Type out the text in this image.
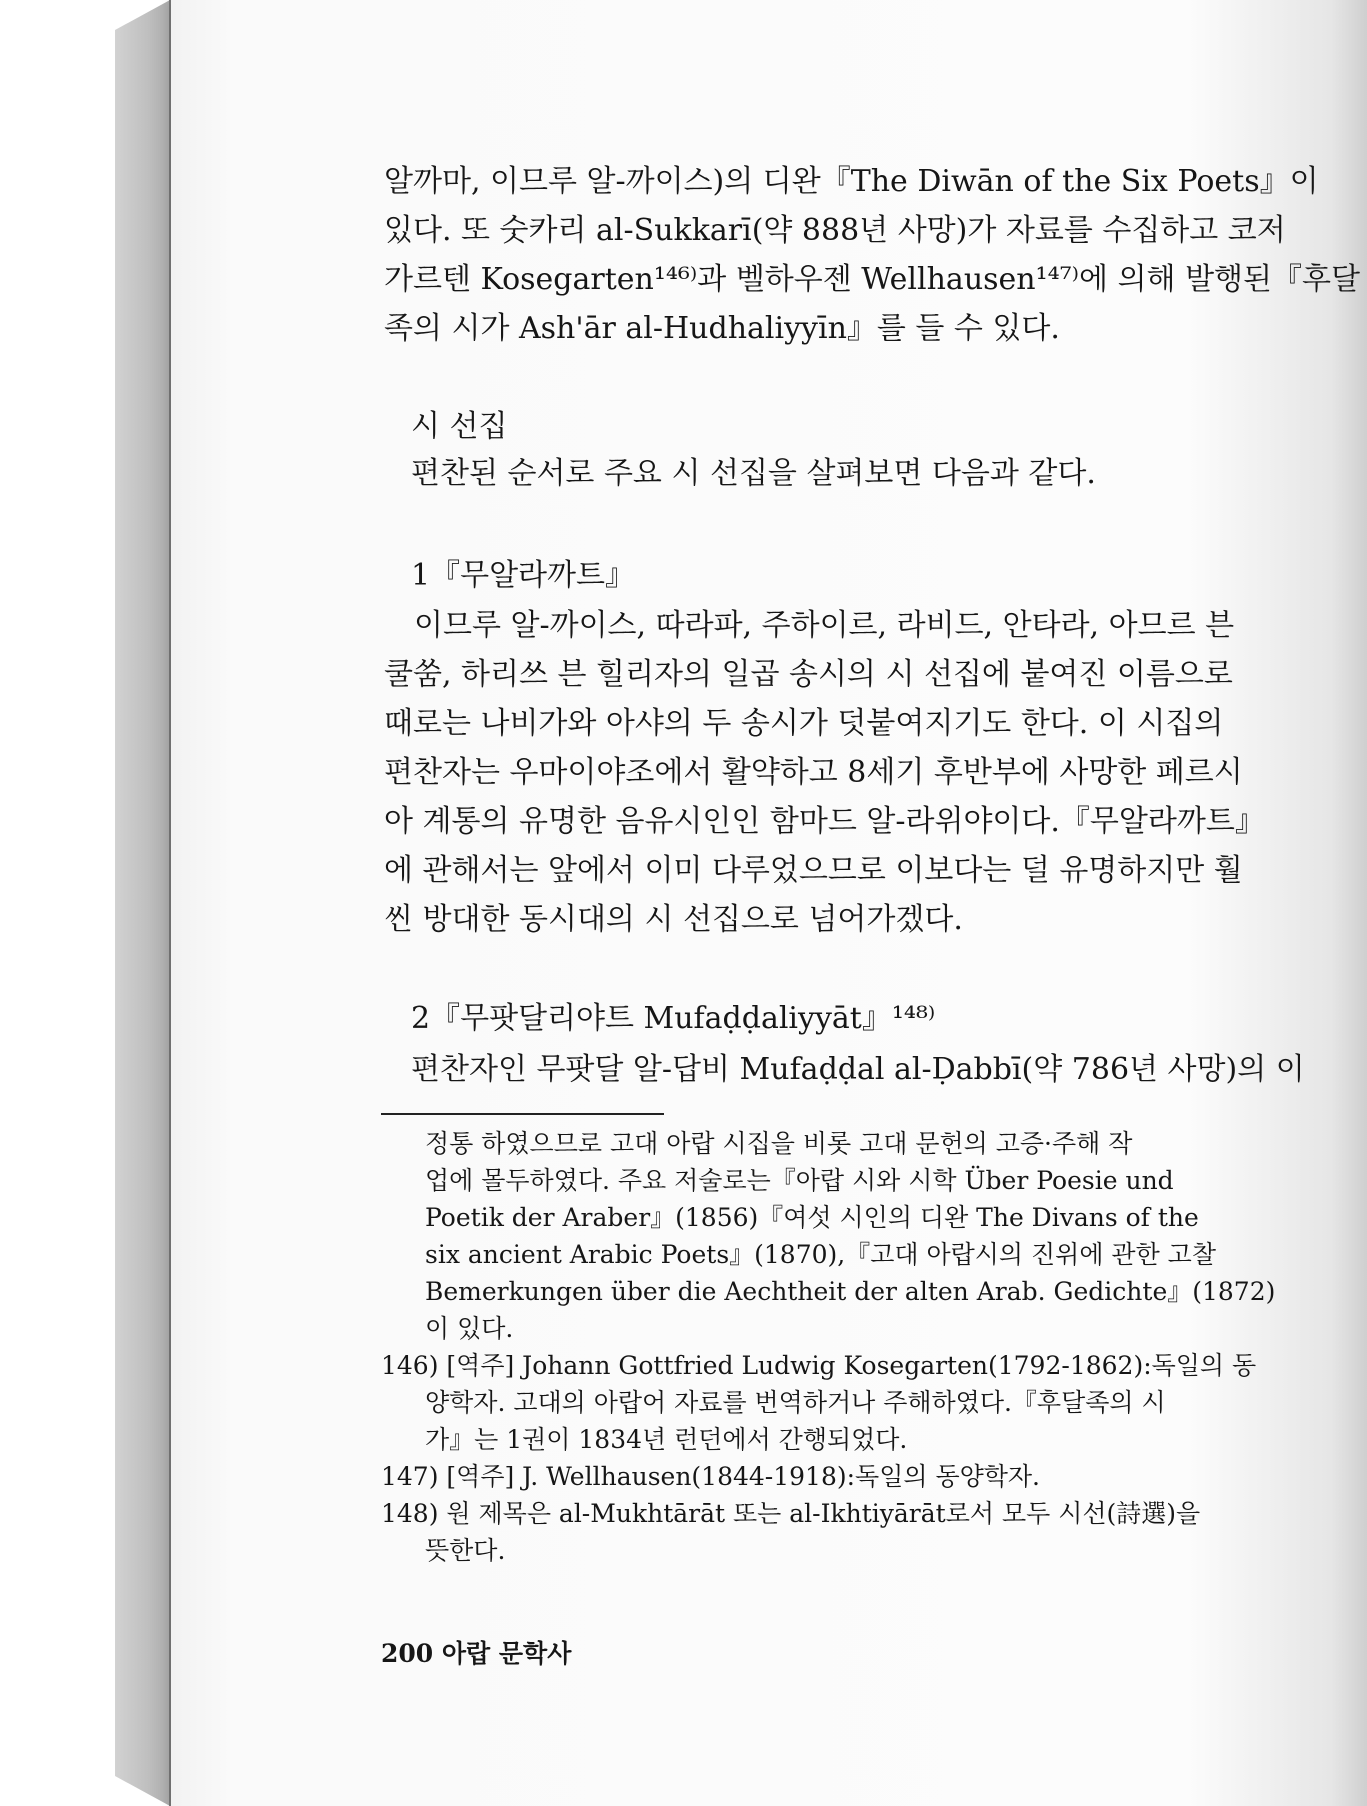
알까마, 이므루 알-까이스)의 디완『The Diwān of the Six Poets』이
있다. 또 숫카리 al-Sukkarī(약 888년 사망)가 자료를 수집하고 코저
가르텐 Kosegarten¹⁴⁶⁾과 벨하우젠 Wellhausen¹⁴⁷⁾에 의해 발행된『후달
족의 시가 Ash'ār al-Hudhaliyyīn』를 들 수 있다.
시 선집
편찬된 순서로 주요 시 선집을 살펴보면 다음과 같다.
1『무알라까트』
이므루 알-까이스, 따라파, 주하이르, 라비드, 안타라, 아므르 븐
쿨쑴, 하리쓰 븐 힐리자의 일곱 송시의 시 선집에 붙여진 이름으로
때로는 나비가와 아샤의 두 송시가 덧붙여지기도 한다. 이 시집의
편찬자는 우마이야조에서 활약하고 8세기 후반부에 사망한 페르시
아 계통의 유명한 음유시인인 함마드 알-라위야이다.『무알라까트』
에 관해서는 앞에서 이미 다루었으므로 이보다는 덜 유명하지만 훨
씬 방대한 동시대의 시 선집으로 넘어가겠다.
2『무팟달리야트 Mufaḍḍaliyyāt』¹⁴⁸⁾
편찬자인 무팟달 알-답비 Mufaḍḍal al-Ḍabbī(약 786년 사망)의 이
정통 하였으므로 고대 아랍 시집을 비롯 고대 문헌의 고증·주해 작
업에 몰두하였다. 주요 저술로는『아랍 시와 시학 Über Poesie und
Poetik der Araber』(1856)『여섯 시인의 디완 The Divans of the
six ancient Arabic Poets』(1870),『고대 아랍시의 진위에 관한 고찰
Bemerkungen über die Aechtheit der alten Arab. Gedichte』(1872)
이 있다.
146) [역주] Johann Gottfried Ludwig Kosegarten(1792-1862):독일의 동
양학자. 고대의 아랍어 자료를 번역하거나 주해하였다.『후달족의 시
가』는 1권이 1834년 런던에서 간행되었다.
147) [역주] J. Wellhausen(1844-1918):독일의 동양학자.
148) 원 제목은 al-Mukhtārāt 또는 al-Ikhtiyārāt로서 모두 시선(詩選)을
뜻한다.
200 아랍 문학사
